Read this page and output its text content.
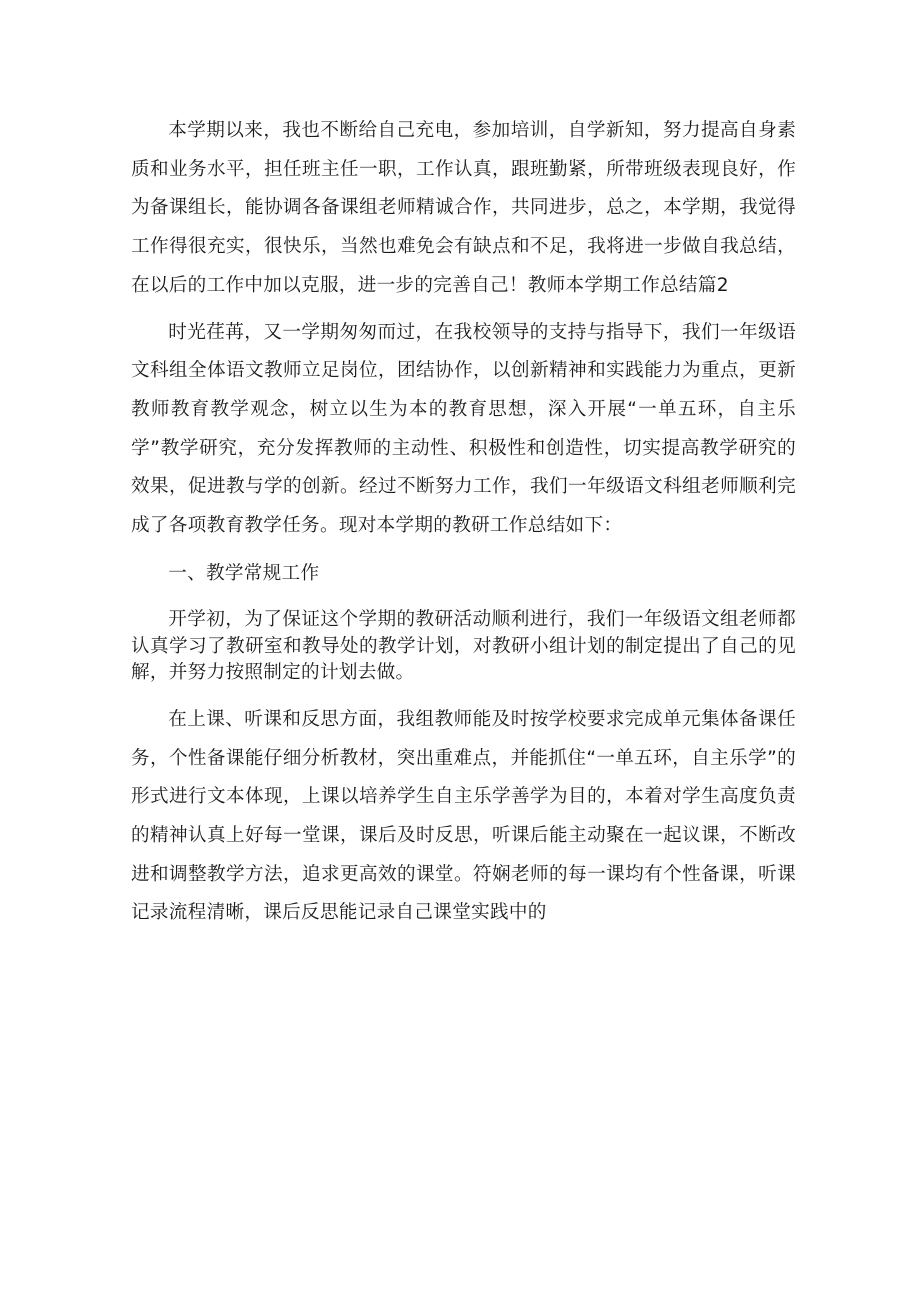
本学期以来，我也不断给自己充电，参加培训，自学新知，努力提高自身素质和业务水平，担任班主任一职，工作认真，跟班勤紧，所带班级表现良好，作为备课组长，能协调各备课组老师精诚合作，共同进步，总之，本学期，我觉得工作得很充实，很快乐，当然也难免会有缺点和不足，我将进一步做自我总结，在以后的工作中加以克服，进一步的完善自己！教师本学期工作总结篇2

时光荏苒，又一学期匆匆而过，在我校领导的支持与指导下，我们一年级语文科组全体语文教师立足岗位，团结协作，以创新精神和实践能力为重点，更新教师教育教学观念，树立以生为本的教育思想，深入开展“一单五环，自主乐学”教学研究，充分发挥教师的主动性、积极性和创造性，切实提高教学研究的效果，促进教与学的创新。经过不断努力工作，我们一年级语文科组老师顺利完成了各项教育教学任务。现对本学期的教研工作总结如下：

一、教学常规工作

开学初，为了保证这个学期的教研活动顺利进行，我们一年级语文组老师都认真学习了教研室和教导处的教学计划，对教研小组计划的制定提出了自己的见解，并努力按照制定的计划去做。

在上课、听课和反思方面，我组教师能及时按学校要求完成单元集体备课任务，个性备课能仔细分析教材，突出重难点，并能抓住“一单五环，自主乐学”的形式进行文本体现，上课以培养学生自主乐学善学为目的，本着对学生高度负责的精神认真上好每一堂课，课后及时反思，听课后能主动聚在一起议课，不断改进和调整教学方法，追求更高效的课堂。符娴老师的每一课均有个性备课，听课记录流程清晰，课后反思能记录自己课堂实践中的
